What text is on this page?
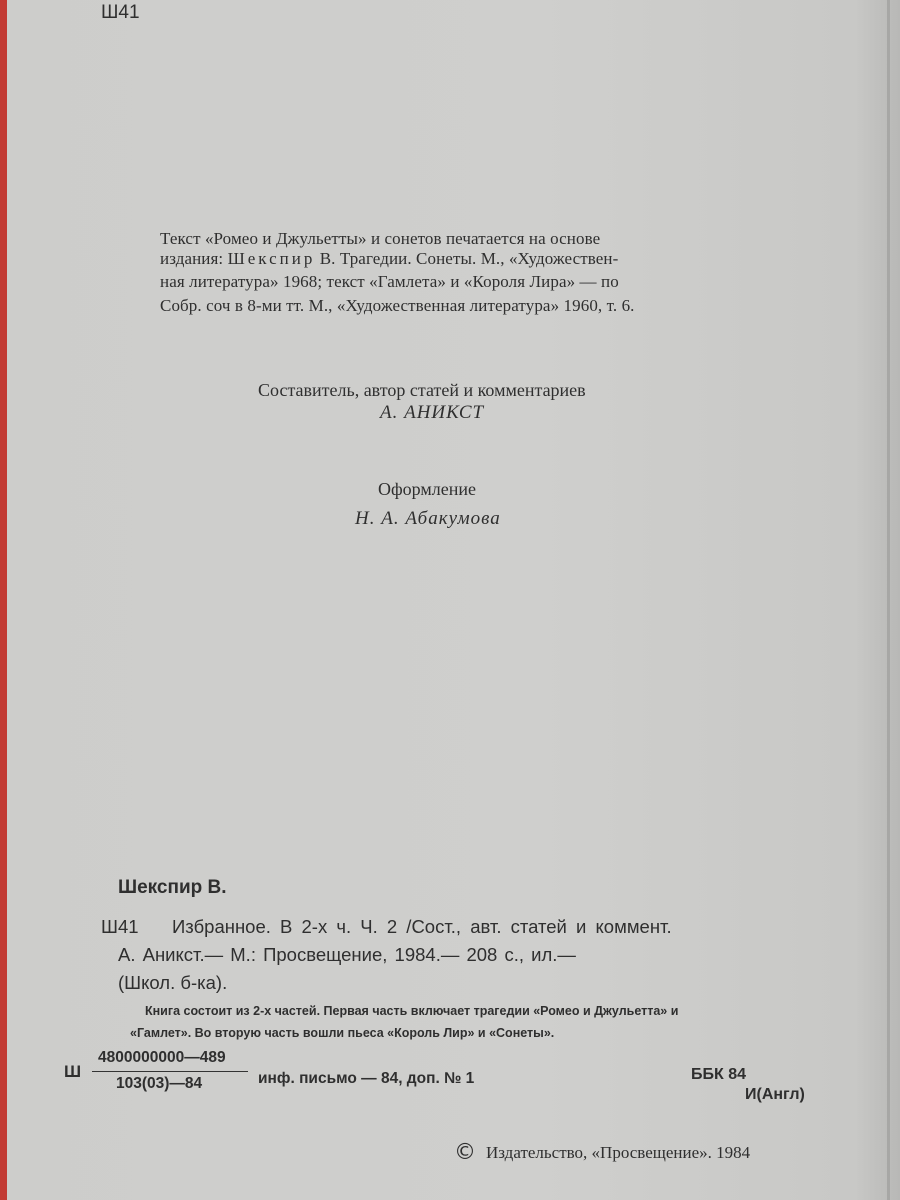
Ш41
Текст «Ромео и Джульетты» и сонетов печатается на основе
издания: Шекспир В. Трагедии. Сонеты. М., «Художествен-
ная литература» 1968; текст «Гамлета» и «Короля Лира» — по
Собр. соч в 8-ми тт. М., «Художественная литература» 1960, т. 6.
Составитель, автор статей и комментариев
А. АНИКСТ
Оформление
Н. А. Абакумова
Шекспир В.
Ш41 Избранное. В 2-х ч. Ч. 2 /Сост., авт. статей и коммент.
А. Аникст.— М.: Просвещение, 1984.— 208 с., ил.—
(Школ. б-ка).
Книга состоит из 2-х частей. Первая часть включает трагедии «Ромео и Джульетта» и
«Гамлет». Во вторую часть вошли пьеса «Король Лир» и «Сонеты».
Ш
4800000000—489
103(03)—84	инф. письмо — 84, доп. № 1	ББК 84
И(Англ)
© Издательство, «Просвещение». 1984
